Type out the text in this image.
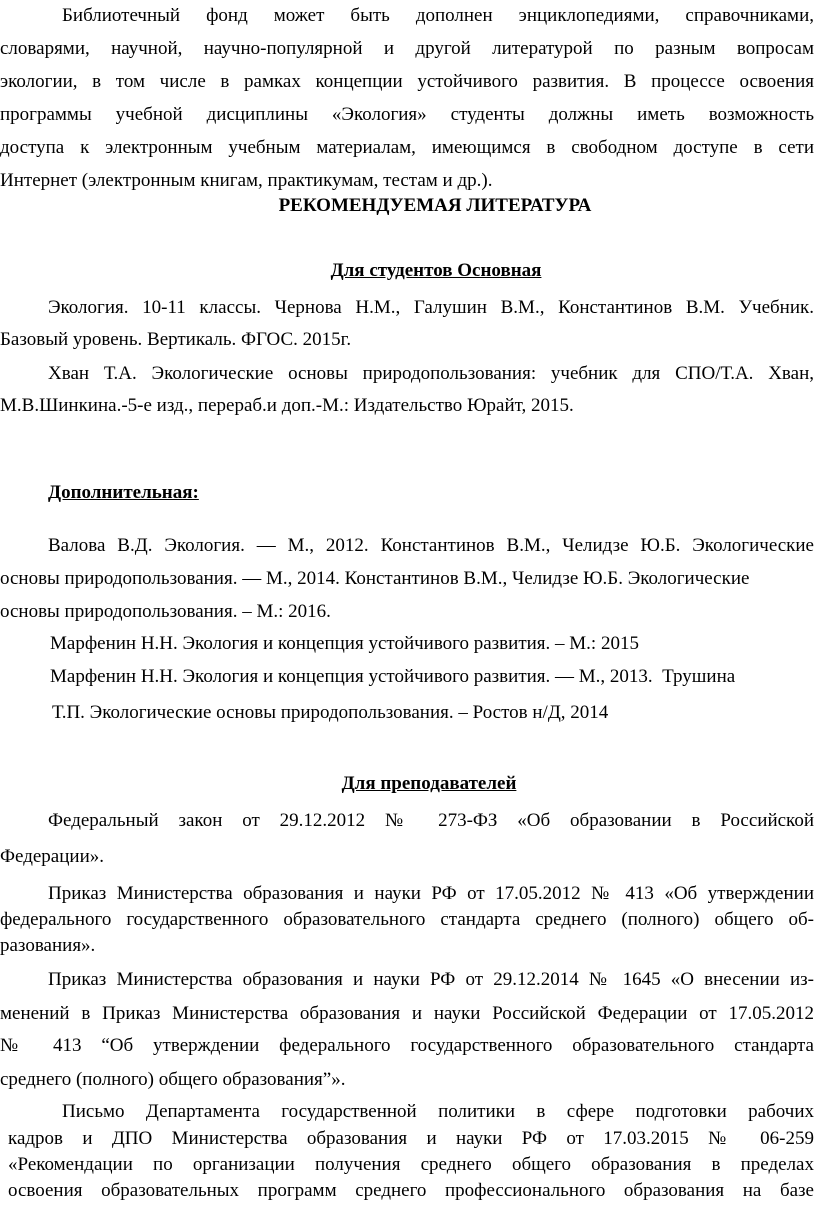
Библиотечный фонд может быть дополнен энциклопедиями, справочниками,
словарями, научной, научно-популярной и другой литературой по разным вопросам
экологии, в том числе в рамках концепции устойчивого развития. В процессе освоения
программы учебной дисциплины «Экология» студенты должны иметь возможность
доступа к электронным учебным материалам, имеющимся в свободном доступе в сети
Интернет (электронным книгам, практикумам, тестам и др.).
РЕКОМЕНДУЕМАЯ ЛИТЕРАТУРА
Для студентов Основная
Экология. 10-11 классы. Чернова Н.М., Галушин В.М., Константинов В.М. Учебник.
Базовый уровень. Вертикаль. ФГОС. 2015г.
Хван Т.А. Экологические основы природопользования: учебник для СПО/Т.А. Хван,
М.В.Шинкина.-5-е изд., перераб.и доп.-М.: Издательство Юрайт, 2015.
Дополнительная:
Валова В.Д. Экология. — М., 2012. Константинов В.М., Челидзе Ю.Б. Экологические
основы природопользования. — М., 2014. Константинов В.М., Челидзе Ю.Б. Экологические
основы природопользования. – М.: 2016.
Марфенин Н.Н. Экология и концепция устойчивого развития. – М.: 2015
Марфенин Н.Н. Экология и концепция устойчивого развития. — М., 2013.  Трушина
Т.П. Экологические основы природопользования. – Ростов н/Д, 2014
Для преподавателей
Федеральный закон от 29.12.2012 № 273-ФЗ «Об образовании в Российской
Федерации».
Приказ Министерства образования и науки РФ от 17.05.2012 № 413 «Об утверждении
федерального государственного образовательного стандарта среднего (полного) общего об-
разования».
Приказ Министерства образования и науки РФ от 29.12.2014 № 1645 «О внесении из-
менений в Приказ Министерства образования и науки Российской Федерации от 17.05.2012
№ 413 “Об утверждении федерального государственного образовательного стандарта
среднего (полного) общего образования”».
Письмо Департамента государственной политики в сфере подготовки рабочих
кадров и ДПО Министерства образования и науки РФ от 17.03.2015 № 06-259
«Рекомендации по организации получения среднего общего образования в пределах
освоения образовательных программ среднего профессионального образования на базе
